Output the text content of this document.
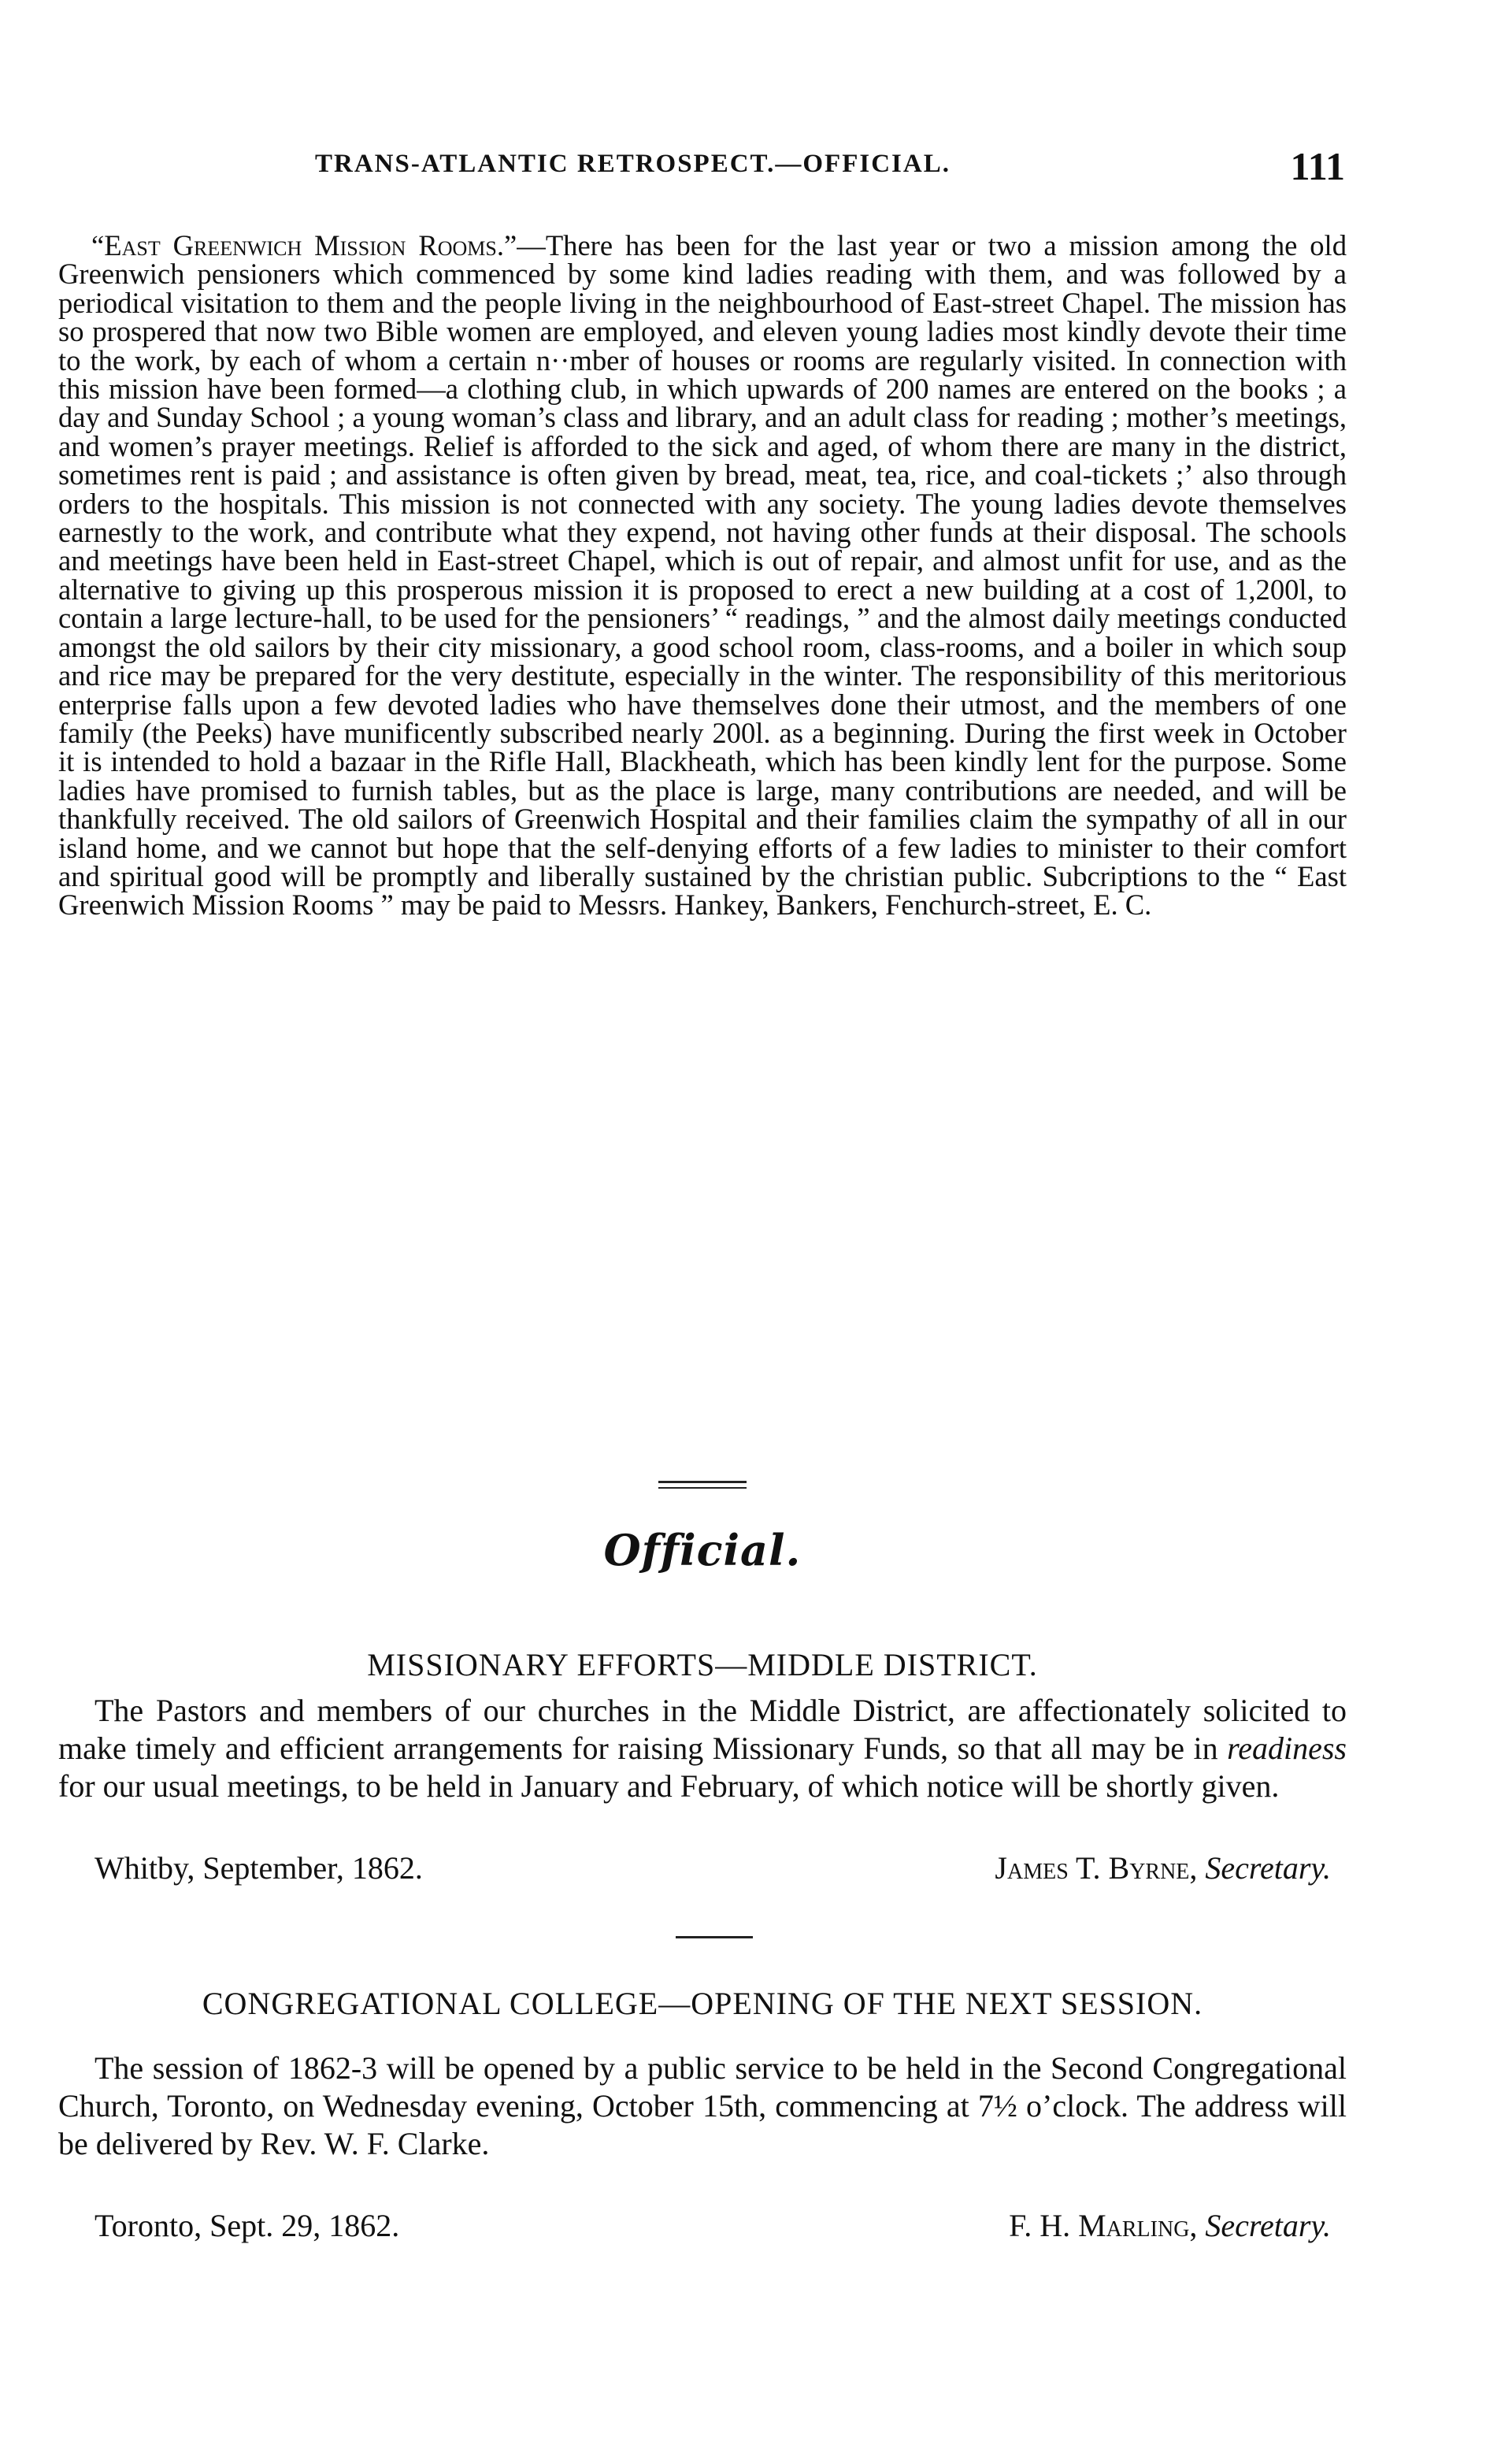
TRANS-ATLANTIC RETROSPECT.—OFFICIAL.	111

“East Greenwich Mission Rooms.”—There has been for the last year or two a mission among the old Greenwich pensioners which commenced by some kind ladies reading with them, and was followed by a periodical visitation to them and the people living in the neighbourhood of East-street Chapel. The mission has so prospered that now two Bible women are employed, and eleven young ladies most kindly devote their time to the work, by each of whom a certain n··mber of houses or rooms are regularly visited. In connection with this mission have been formed—a clothing club, in which upwards of 200 names are entered on the books ; a day and Sunday School ; a young woman’s class and library, and an adult class for reading ; mother’s meetings, and women’s prayer meetings. Relief is afforded to the sick and aged, of whom there are many in the district, sometimes rent is paid ; and assistance is often given by bread, meat, tea, rice, and coal-tickets ;ʼ also through orders to the hospitals. This mission is not connected with any society. The young ladies devote themselves earnestly to the work, and contribute what they expend, not having other funds at their disposal. The schools and meetings have been held in East-street Chapel, which is out of repair, and almost unfit for use, and as the alternative to giving up this prosperous mission it is proposed to erect a new building at a cost of 1,200l, to contain a large lecture-hall, to be used for the pensioners’ “ readings, ” and the almost daily meetings conducted amongst the old sailors by their city missionary, a good school room, class-rooms, and a boiler in which soup and rice may be prepared for the very destitute, especially in the winter. The responsibility of this meritorious enterprise falls upon a few devoted ladies who have themselves done their utmost, and the members of one family (the Peeks) have munificently subscribed nearly 200l. as a beginning. During the first week in October it is intended to hold a bazaar in the Rifle Hall, Blackheath, which has been kindly lent for the purpose. Some ladies have promised to furnish tables, but as the place is large, many contributions are needed, and will be thankfully received. The old sailors of Greenwich Hospital and their families claim the sympathy of all in our island home, and we cannot but hope that the self-denying efforts of a few ladies to minister to their comfort and spiritual good will be promptly and liberally sustained by the christian public. Subcriptions to the “ East Greenwich Mission Rooms ” may be paid to Messrs. Hankey, Bankers, Fenchurch-street, E. C.

Official.
MISSIONARY EFFORTS—MIDDLE DISTRICT.

The Pastors and members of our churches in the Middle District, are affectionately solicited to make timely and efficient arrangements for raising Missionary Funds, so that all may be in readiness for our usual meetings, to be held in January and February, of which notice will be shortly given.

Whitby, September, 1862.	James T. Byrne, Secretary.
CONGREGATIONAL COLLEGE—OPENING OF THE NEXT SESSION.

The session of 1862-3 will be opened by a public service to be held in the Second Congregational Church, Toronto, on Wednesday evening, October 15th, commencing at 7½ o’clock. The address will be delivered by Rev. W. F. Clarke.

Toronto, Sept. 29, 1862.	F. H. Marling, Secretary.
